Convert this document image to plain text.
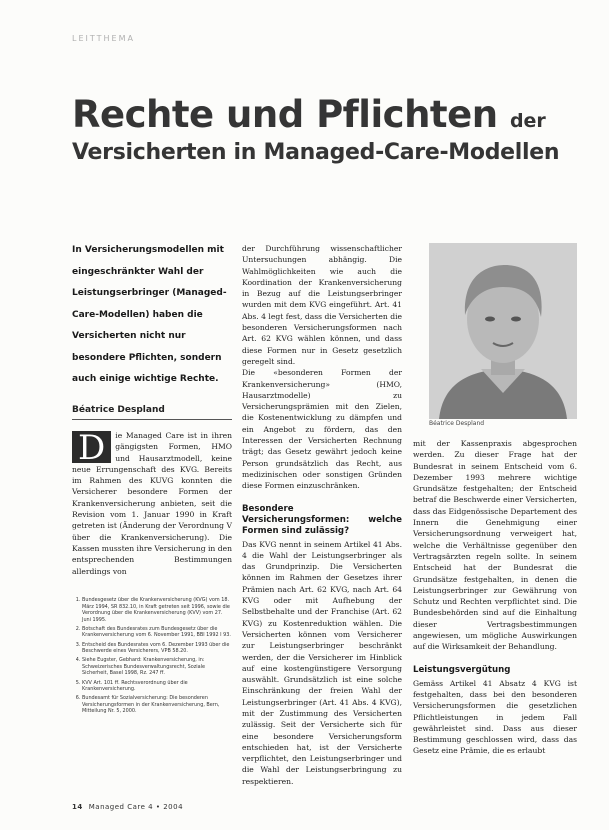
LEITTHEMA
Rechte und Pflichten der
Versicherten in Managed-Care-Modellen
In Versicherungsmodellen mit eingeschränkter Wahl der Leistungserbringer (Managed-Care-Modellen) haben die Versicherten nicht nur besondere Pflichten, sondern auch einige wichtige Rechte.
Béatrice Despland

D	ie Managed Care ist in ihren gängigsten Formen, HMO und Hausarztmodell, keine neue Errungenschaft des KVG. Bereits im Rahmen des KUVG konnten die Versicherer besondere Formen der Krankenversicherung anbieten, seit die Revision vom 1. Januar 1990 in Kraft getreten ist (Änderung der Verordnung V über die Krankenversicherung). Die Kassen mussten ihre Versicherung in den entsprechenden Bestimmungen allerdings von

1. Bundesgesetz über die Krankenversicherung (KVG) vom 18. März 1994, SR 832.10, in Kraft getreten seit 1996, sowie die Verordnung über die Krankenversicherung (KVV) vom 27. Juni 1995.
2. Botschaft des Bundesrates zum Bundesgesetz über die Krankenversicherung vom 6. November 1991, BBl 1992 I 93.
3. Entscheid des Bundesrates vom 6. Dezember 1993 über die Beschwerde eines Versicherers, VPB 58.20.
4. Siehe Eugster, Gebhard: Krankenversicherung, in: Schweizerisches Bundesverwaltungsrecht, Soziale Sicherheit, Basel 1998, Rz. 247 ff.
5. KVV Art. 101 ff. Rechtsverordnung über die Krankenversicherung.
6. Bundesamt für Sozialversicherung: Die besonderen Versicherungsformen in der Krankenversicherung, Bern, Mitteilung Nr. 5, 2000.

der Durchführung wissenschaftlicher Untersuchungen abhängig. Die Wahlmöglichkeiten wie auch die Koordination der Krankenversicherung in Bezug auf die Leistungserbringer wurden mit dem KVG eingeführt. Art. 41 Abs. 4 legt fest, dass die Versicherten die besonderen Versicherungsformen nach Art. 62 KVG wählen können, und dass diese Formen nur in Gesetz gesetzlich geregelt sind.

Die «besonderen Formen der Krankenversicherung» (HMO, Hausarztmodelle) zu Versicherungsprämien mit den Zielen, die Kostenentwicklung zu dämpfen und ein Angebot zu fördern, das den Interessen der Versicherten Rechnung trägt; das Gesetz gewährt jedoch keine Person grundsätzlich das Recht, aus medizinischen oder sonstigen Gründen diese Formen einzuschränken.

Besondere Versicherungsformen: welche Formen sind zulässig?

Das KVG nennt in seinem Artikel 41 Abs. 4 die Wahl der Leistungserbringer als das Grundprinzip. Die Versicherten können im Rahmen der Gesetzes ihrer Prämien nach Art. 62 KVG, nach Art. 64 KVG oder mit Aufhebung der Selbstbehalte und der Franchise (Art. 62 KVG) zu Kostenreduktion wählen. Die Versicherten können vom Versicherer zur Leistungserbringer beschränkt werden, der die Versicherer im Hinblick auf eine kostengünstigere Versorgung auswählt. Grundsätzlich ist eine solche Einschränkung der freien Wahl der Leistungserbringer (Art. 41 Abs. 4 KVG), mit der Zustimmung des Versicherten zulässig. Seit der Versicherte sich für eine besondere Versicherungsform entschieden hat, ist der Versicherte verpflichtet, den Leistungserbringer und die Wahl der Leistungserbringung zu respektieren.

Béatrice Despland

mit der Kassenpraxis abgesprochen werden. Zu dieser Frage hat der Bundesrat in seinem Entscheid vom 6. Dezember 1993 mehrere wichtige Grundsätze festgehalten; der Entscheid betraf die Beschwerde einer Versicherten, dass das Eidgenössische Departement des Innern die Genehmigung einer Versicherungsordnung verweigert hat, welche die Verhältnisse gegenüber den Vertragsärzten regeln sollte. In seinem Entscheid hat der Bundesrat die Grundsätze festgehalten, in denen die Leistungserbringer zur Gewährung von Schutz und Rechten verpflichtet sind. Die Bundesbehörden sind auf die Einhaltung dieser Vertragsbestimmungen angewiesen, um mögliche Auswirkungen auf die Wirksamkeit der Behandlung.

Leistungsvergütung

Gemäss Artikel 41 Absatz 4 KVG ist festgehalten, dass bei den besonderen Versicherungsformen die gesetzlichen Pflichtleistungen in jedem Fall gewährleistet sind. Dass aus dieser Bestimmung geschlossen wird, dass das Gesetz eine Prämie, die es erlaubt

14 Managed Care 4 • 2004
